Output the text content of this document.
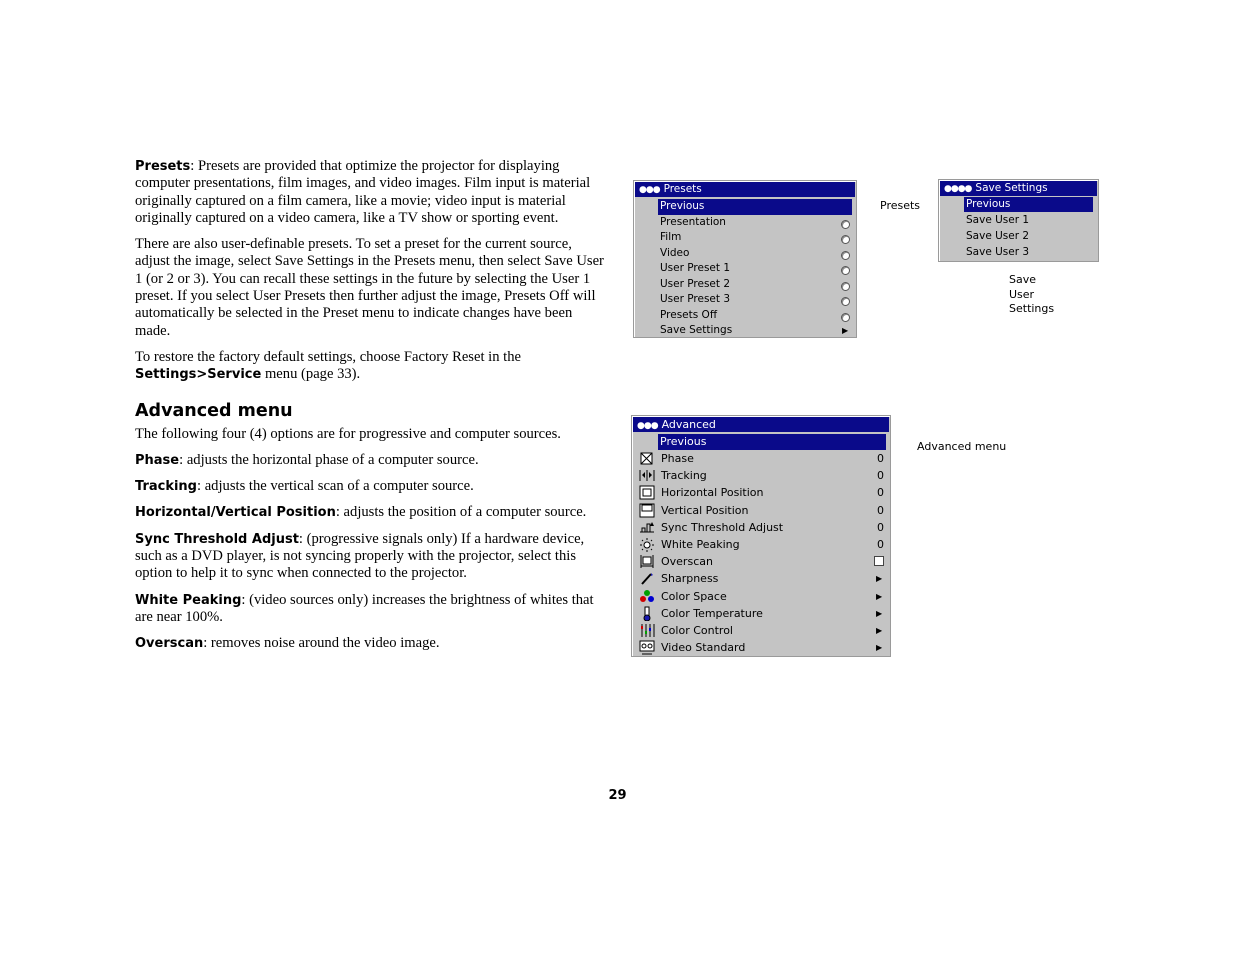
Presets: Presets are provided that optimize the projector for displaying computer presentations, film images, and video images. Film input is material originally captured on a film camera, like a movie; video input is material originally captured on a video camera, like a TV show or sporting event.

There are also user-definable presets. To set a preset for the current source, adjust the image, select Save Settings in the Presets menu, then select Save User 1 (or 2 or 3). You can recall these settings in the future by selecting the User 1 preset. If you select User Presets then further adjust the image, Presets Off will automatically be selected in the Preset menu to indicate changes have been made.

To restore the factory default settings, choose Factory Reset in the Settings>Service menu (page 33).

Advanced menu

The following four (4) options are for progressive and computer sources.

Phase: adjusts the horizontal phase of a computer source.

Tracking: adjusts the vertical scan of a computer source.

Horizontal/Vertical Position: adjusts the position of a computer source.

Sync Threshold Adjust: (progressive signals only) If a hardware device, such as a DVD player, is not syncing properly with the projector, select this option to help it to sync when connected to the projector.

White Peaking: (video sources only) increases the brightness of whites that are near 100%.

Overscan: removes noise around the video image.

●●● Presets
Previous
Presentation
Film
Video
User Preset 1
User Preset 2
User Preset 3
Presets Off
Save Settings	▶
●●●● Save Settings
Previous
Save User 1
Save User 2
Save User 3
●●● Advanced
Previous
Phase	0
Tracking	0
Horizontal Position	0
Vertical Position	0
Sync Threshold Adjust	0
White Peaking	0
Overscan
Sharpness	▶
Color Space	▶
Color Temperature	▶
Color Control	▶
Video Standard	▶
Presets
Save
User
Settings
Advanced menu
29
